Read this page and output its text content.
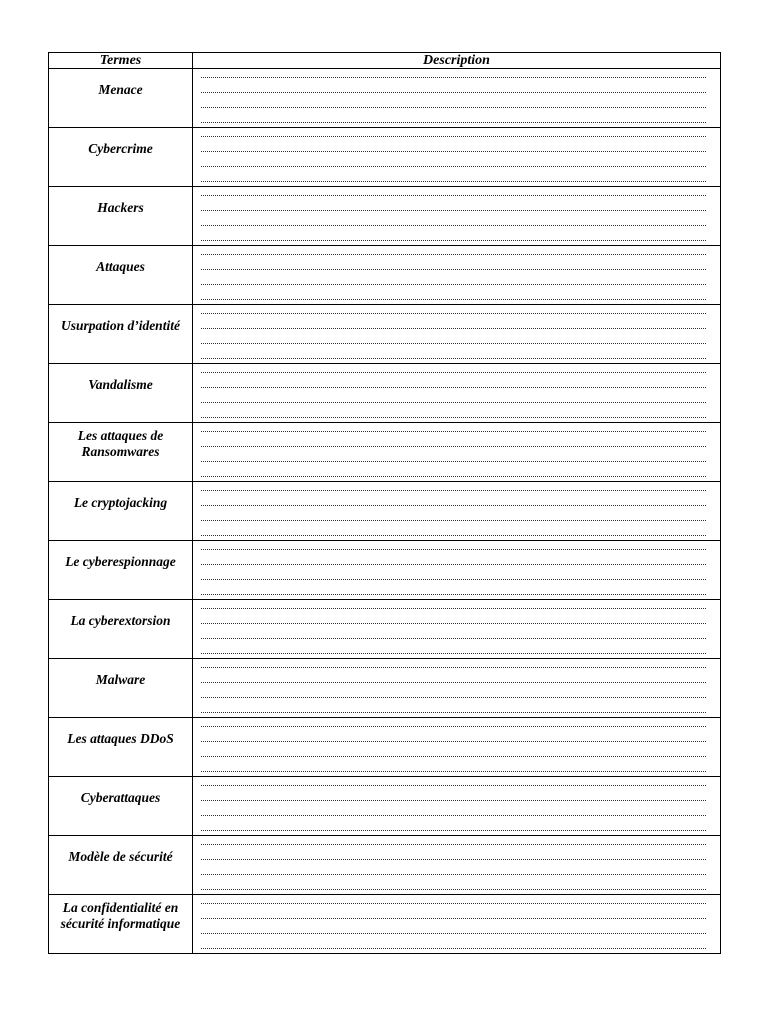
Termes	Description
Menace	

Cybercrime	

Hackers	

Attaques	

Usurpation d’identité	

Vandalisme	

Les attaques de Ransomwares	

Le cryptojacking	

Le cyberespionnage	

La cyberextorsion	

Malware	

Les attaques DDoS	

Cyberattaques	

Modèle de sécurité	

La confidentialité en sécurité informatique	
